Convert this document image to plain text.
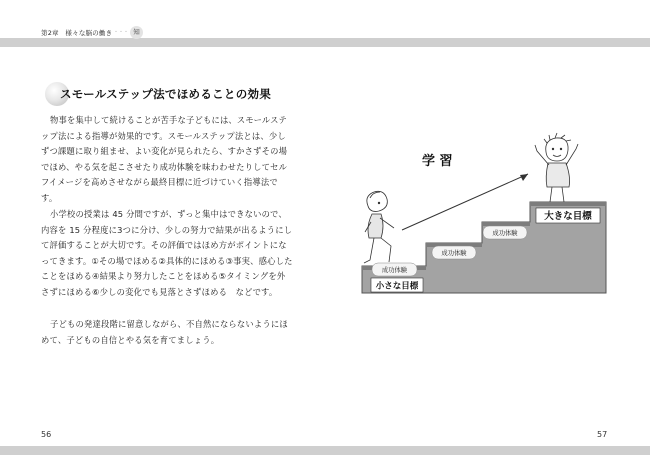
第2章　様々な脳の働き ・・・ 知
スモールステップ法でほめることの効果
物事を集中して続けることが苦手な子どもには、スモールステップ法による指導が効果的です。スモールステップ法とは、少しずつ課題に取り組ませ、よい変化が見られたら、すかさずその場でほめ、やる気を起こさせたり成功体験を味わわせたりしてセルフイメージを高めさせながら最終目標に近づけていく指導法です。
小学校の授業は 45 分間ですが、ずっと集中はできないので、内容を 15 分程度に3つに分け、少しの努力で結果が出るようにして評価することが大切です。その評価ではほめ方がポイントになってきます。①その場でほめる②具体的にほめる③事実、感心したことをほめる④結果より努力したことをほめる⑤タイミングを外さずにほめる⑥少しの変化でも見落とさずほめる　などです。
子どもの発達段階に留意しながら、不自然にならないようにほめて、子どもの自信とやる気を育てましょう。
成功体験
成功体験
成功体験
大きな目標
小さな目標
学 習
56	57
